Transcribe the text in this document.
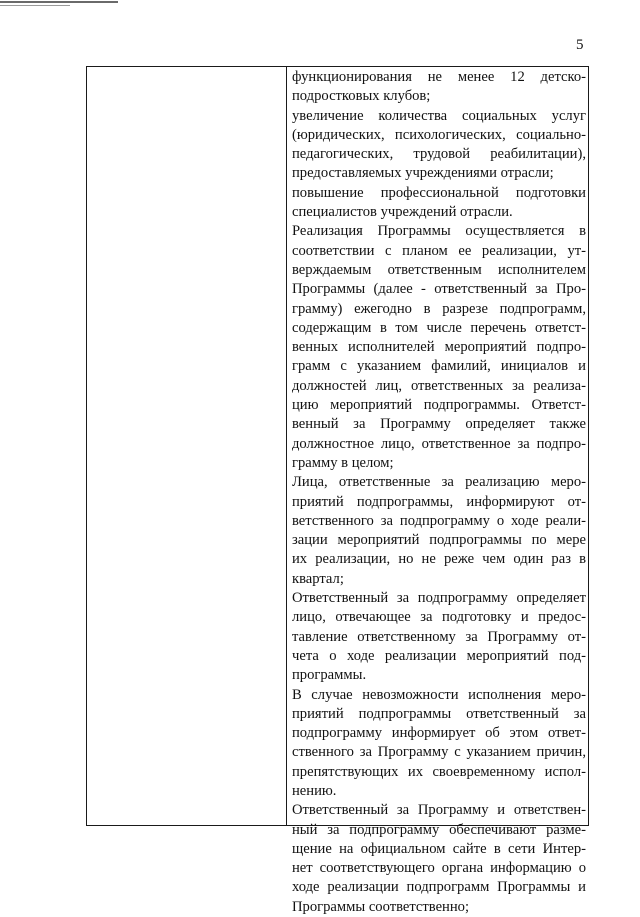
5
функционирования не менее 12 детско-
подростковых клубов;
увеличение количества социальных услуг
(юридических, психологических, социально-
педагогических, трудовой реабилитации),
предоставляемых учреждениями отрасли;
повышение профессиональной подготовки
специалистов учреждений отрасли.
Реализация Программы осуществляется в
соответствии с планом ее реализации, ут-
верждаемым ответственным исполнителем
Программы (далее - ответственный за Про-
грамму) ежегодно в разрезе подпрограмм,
содержащим в том числе перечень ответст-
венных исполнителей мероприятий подпро-
грамм с указанием фамилий, инициалов и
должностей лиц, ответственных за реализа-
цию мероприятий подпрограммы. Ответст-
венный за Программу определяет также
должностное лицо, ответственное за подпро-
грамму в целом;
Лица, ответственные за реализацию меро-
приятий подпрограммы, информируют от-
ветственного за подпрограмму о ходе реали-
зации мероприятий подпрограммы по мере
их реализации, но не реже чем один раз в
квартал;
Ответственный за подпрограмму определяет
лицо, отвечающее за подготовку и предос-
тавление ответственному за Программу от-
чета о ходе реализации мероприятий под-
программы.
В случае невозможности исполнения меро-
приятий подпрограммы ответственный за
подпрограмму информирует об этом ответ-
ственного за Программу с указанием причин,
препятствующих их своевременному испол-
нению.
Ответственный за Программу и ответствен-
ный за подпрограмму обеспечивают разме-
щение на официальном сайте в сети Интер-
нет соответствующего органа информацию о
ходе реализации подпрограмм Программы и
Программы соответственно;
